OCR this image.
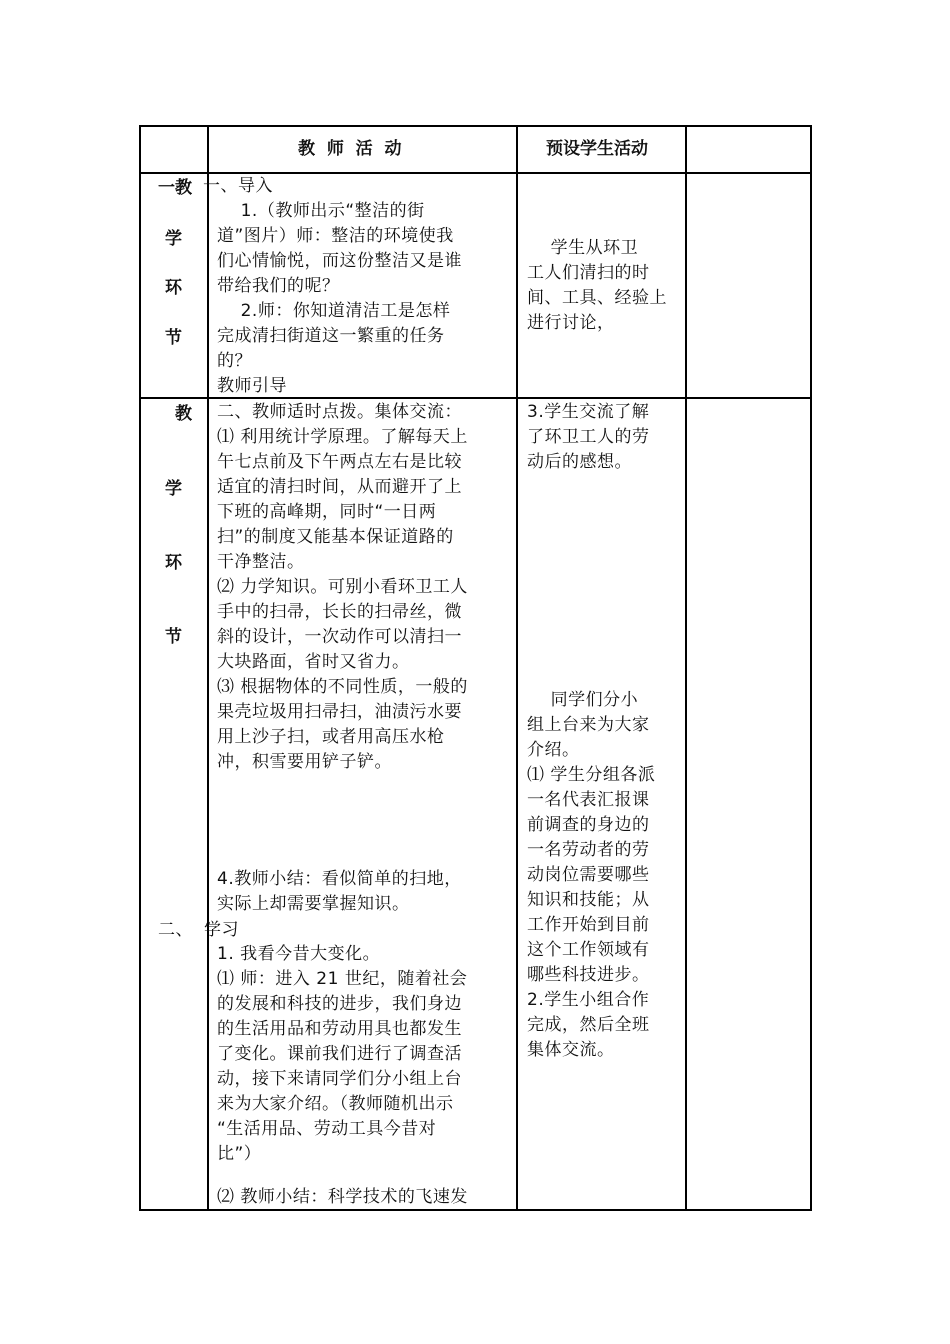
教  师  活  动	预设学生活动
一教
学
环
节
教
学
环
节
二、
一、导入
1.（教师出示“整洁的街
道”图片）师：整洁的环境使我
们心情愉悦，而这份整洁又是谁
带给我们的呢？
2.师：你知道清洁工是怎样
完成清扫街道这一繁重的任务
的？
教师引导
学生从环卫
工人们清扫的时
间、工具、经验上
进行讨论，
二、教师适时点拨。集体交流：
⑴ 利用统计学原理。了解每天上
午七点前及下午两点左右是比较
适宜的清扫时间，从而避开了上
下班的高峰期，同时“一日两
扫”的制度又能基本保证道路的
干净整洁。
⑵ 力学知识。可别小看环卫工人
手中的扫帚，长长的扫帚丝，微
斜的设计，一次动作可以清扫一
大块路面，省时又省力。
⑶ 根据物体的不同性质，一般的
果壳垃圾用扫帚扫，油渍污水要
用上沙子扫，或者用高压水枪
冲，积雪要用铲子铲。
4.教师小结：看似简单的扫地，
实际上却需要掌握知识。
学习
1. 我看今昔大变化。
⑴ 师：进入 21 世纪，随着社会
的发展和科技的进步，我们身边
的生活用品和劳动用具也都发生
了变化。课前我们进行了调查活
动，接下来请同学们分小组上台
来为大家介绍。（教师随机出示
“生活用品、劳动工具今昔对
比”）
⑵ 教师小结：科学技术的飞速发
3.学生交流了解
了环卫工人的劳
动后的感想。
同学们分小
组上台来为大家
介绍。
⑴ 学生分组各派
一名代表汇报课
前调查的身边的
一名劳动者的劳
动岗位需要哪些
知识和技能；从
工作开始到目前
这个工作领域有
哪些科技进步。
2.学生小组合作
完成，然后全班
集体交流。
